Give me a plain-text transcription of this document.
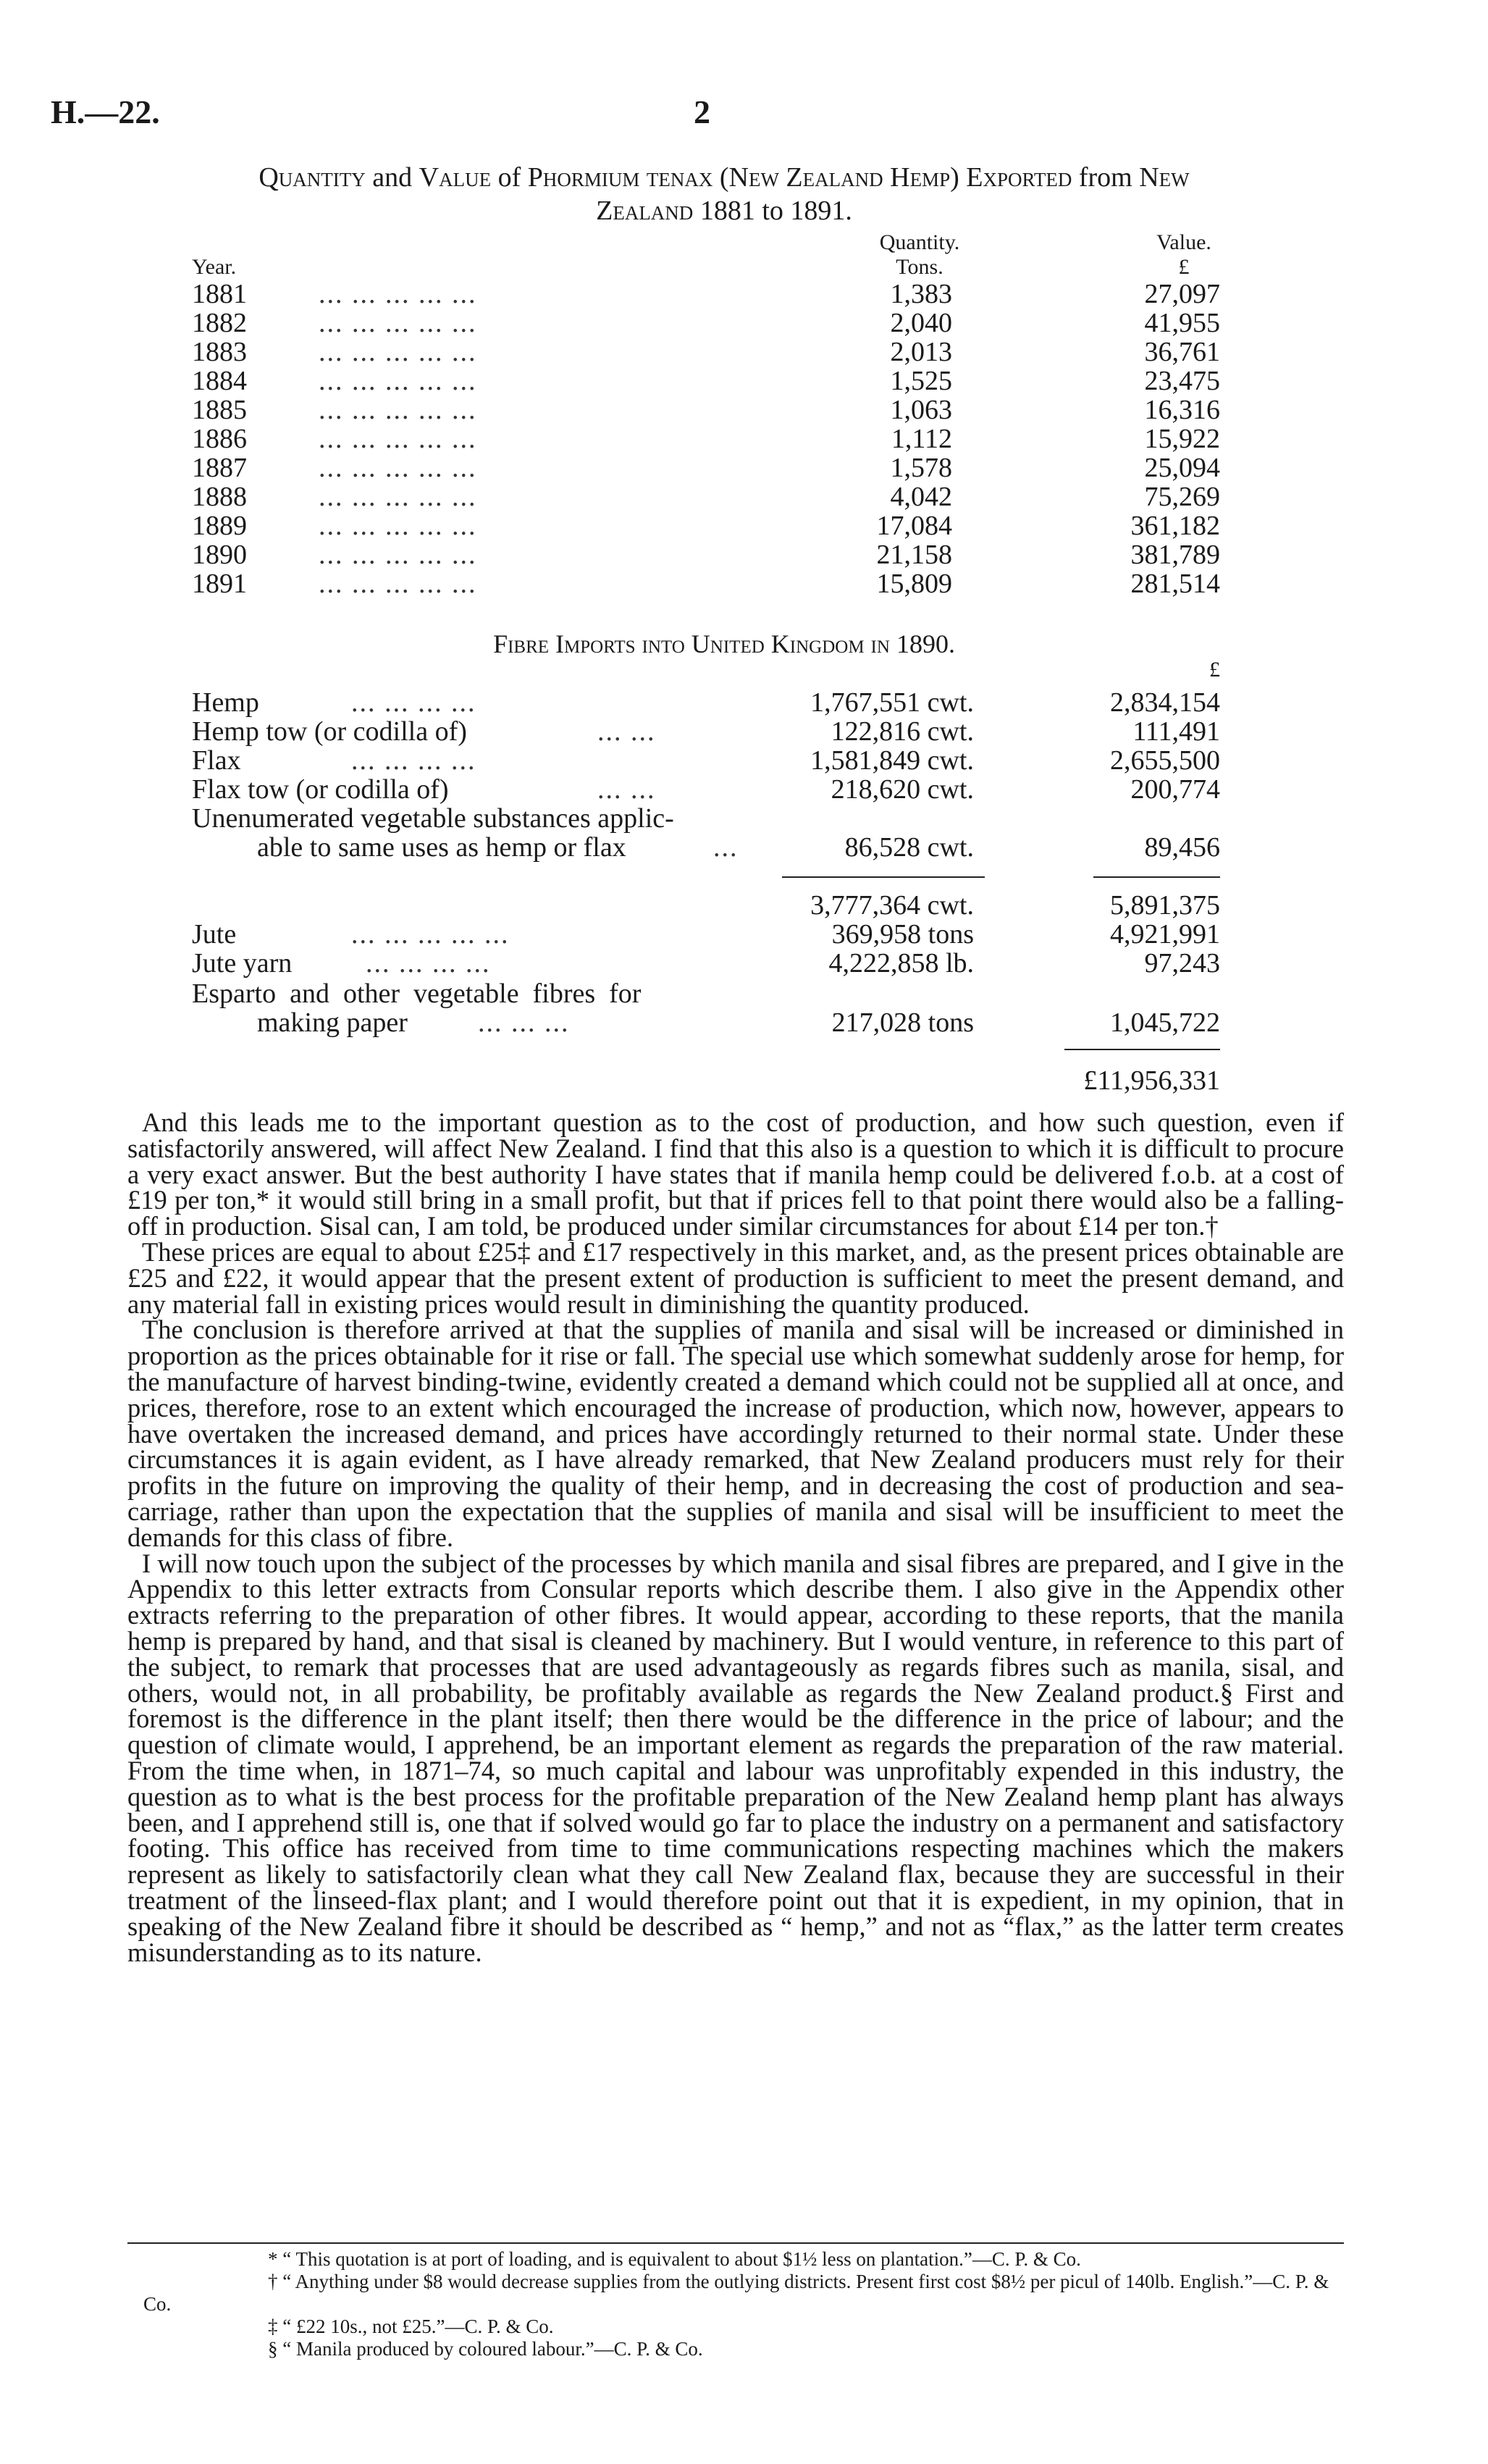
H.—22.	2
Quantity and Value of Phormium tenax (New Zealand Hemp) Exported from New
Zealand 1881 to 1891.
Quantity.
Tons.
Value.
£
Year.
1881	... ... ... ... ...	1,383	27,097
1882	... ... ... ... ...	2,040	41,955
1883	... ... ... ... ...	2,013	36,761
1884	... ... ... ... ...	1,525	23,475
1885	... ... ... ... ...	1,063	16,316
1886	... ... ... ... ...	1,112	15,922
1887	... ... ... ... ...	1,578	25,094
1888	... ... ... ... ...	4,042	75,269
1889	... ... ... ... ...	17,084	361,182
1890	... ... ... ... ...	21,158	381,789
1891	... ... ... ... ...	15,809	281,514
Fibre Imports into United Kingdom in 1890.
£
Hemp	... ... ... ...	1,767,551 cwt.	2,834,154
Hemp tow (or codilla of)	... ...	122,816 cwt.	111,491
Flax	... ... ... ...	1,581,849 cwt.	2,655,500
Flax tow (or codilla of)	... ...	218,620 cwt.	200,774
Unenumerated vegetable substances applic-
able to same uses as hemp or flax	...	86,528 cwt.	89,456
3,777,364 cwt.	5,891,375
Jute	... ... ... ... ...	369,958 tons	4,921,991
Jute yarn	... ... ... ...	4,222,858 lb.	97,243
Esparto  and  other  vegetable  fibres  for
making paper	... ... ...	217,028 tons	1,045,722
£11,956,331

And this leads me to the important question as to the cost of production, and how such question, even if satisfactorily answered, will affect New Zealand. I find that this also is a question to which it is difficult to procure a very exact answer. But the best authority I have states that if manila hemp could be delivered f.o.b. at a cost of £19 per ton,* it would still bring in a small profit, but that if prices fell to that point there would also be a falling-off in production. Sisal can, I am told, be produced under similar circumstances for about £14 per ton.†

These prices are equal to about £25‡ and £17 respectively in this market, and, as the present prices obtainable are £25 and £22, it would appear that the present extent of production is sufficient to meet the present demand, and any material fall in existing prices would result in diminishing the quantity produced.

The conclusion is therefore arrived at that the supplies of manila and sisal will be increased or diminished in proportion as the prices obtainable for it rise or fall. The special use which somewhat suddenly arose for hemp, for the manufacture of harvest binding-twine, evidently created a demand which could not be supplied all at once, and prices, therefore, rose to an extent which encouraged the increase of production, which now, however, appears to have overtaken the increased demand, and prices have accordingly returned to their normal state. Under these circumstances it is again evident, as I have already remarked, that New Zealand producers must rely for their profits in the future on improving the quality of their hemp, and in decreasing the cost of production and sea-carriage, rather than upon the expectation that the supplies of manila and sisal will be insufficient to meet the demands for this class of fibre.

I will now touch upon the subject of the processes by which manila and sisal fibres are prepared, and I give in the Appendix to this letter extracts from Consular reports which describe them. I also give in the Appendix other extracts referring to the preparation of other fibres. It would appear, according to these reports, that the manila hemp is prepared by hand, and that sisal is cleaned by machinery. But I would venture, in reference to this part of the subject, to remark that processes that are used advantageously as regards fibres such as manila, sisal, and others, would not, in all probability, be profitably available as regards the New Zealand product.§ First and foremost is the difference in the plant itself; then there would be the difference in the price of labour; and the question of climate would, I apprehend, be an important element as regards the preparation of the raw material. From the time when, in 1871–74, so much capital and labour was unprofitably expended in this industry, the question as to what is the best process for the profitable preparation of the New Zealand hemp plant has always been, and I apprehend still is, one that if solved would go far to place the industry on a permanent and satisfactory footing. This office has received from time to time communications respecting machines which the makers represent as likely to satisfactorily clean what they call New Zealand flax, because they are successful in their treatment of the linseed-flax plant; and I would therefore point out that it is expedient, in my opinion, that in speaking of the New Zealand fibre it should be described as “ hemp,” and not as “flax,” as the latter term creates misunderstanding as to its nature.

* “ This quotation is at port of loading, and is equivalent to about $1½ less on plantation.”—C. P. & Co.

† “ Anything under $8 would decrease supplies from the outlying districts. Present first cost $8½ per picul of 140lb. English.”—C. P. & Co.

‡ “ £22 10s., not £25.”—C. P. & Co.

§ “ Manila produced by coloured labour.”—C. P. & Co.
